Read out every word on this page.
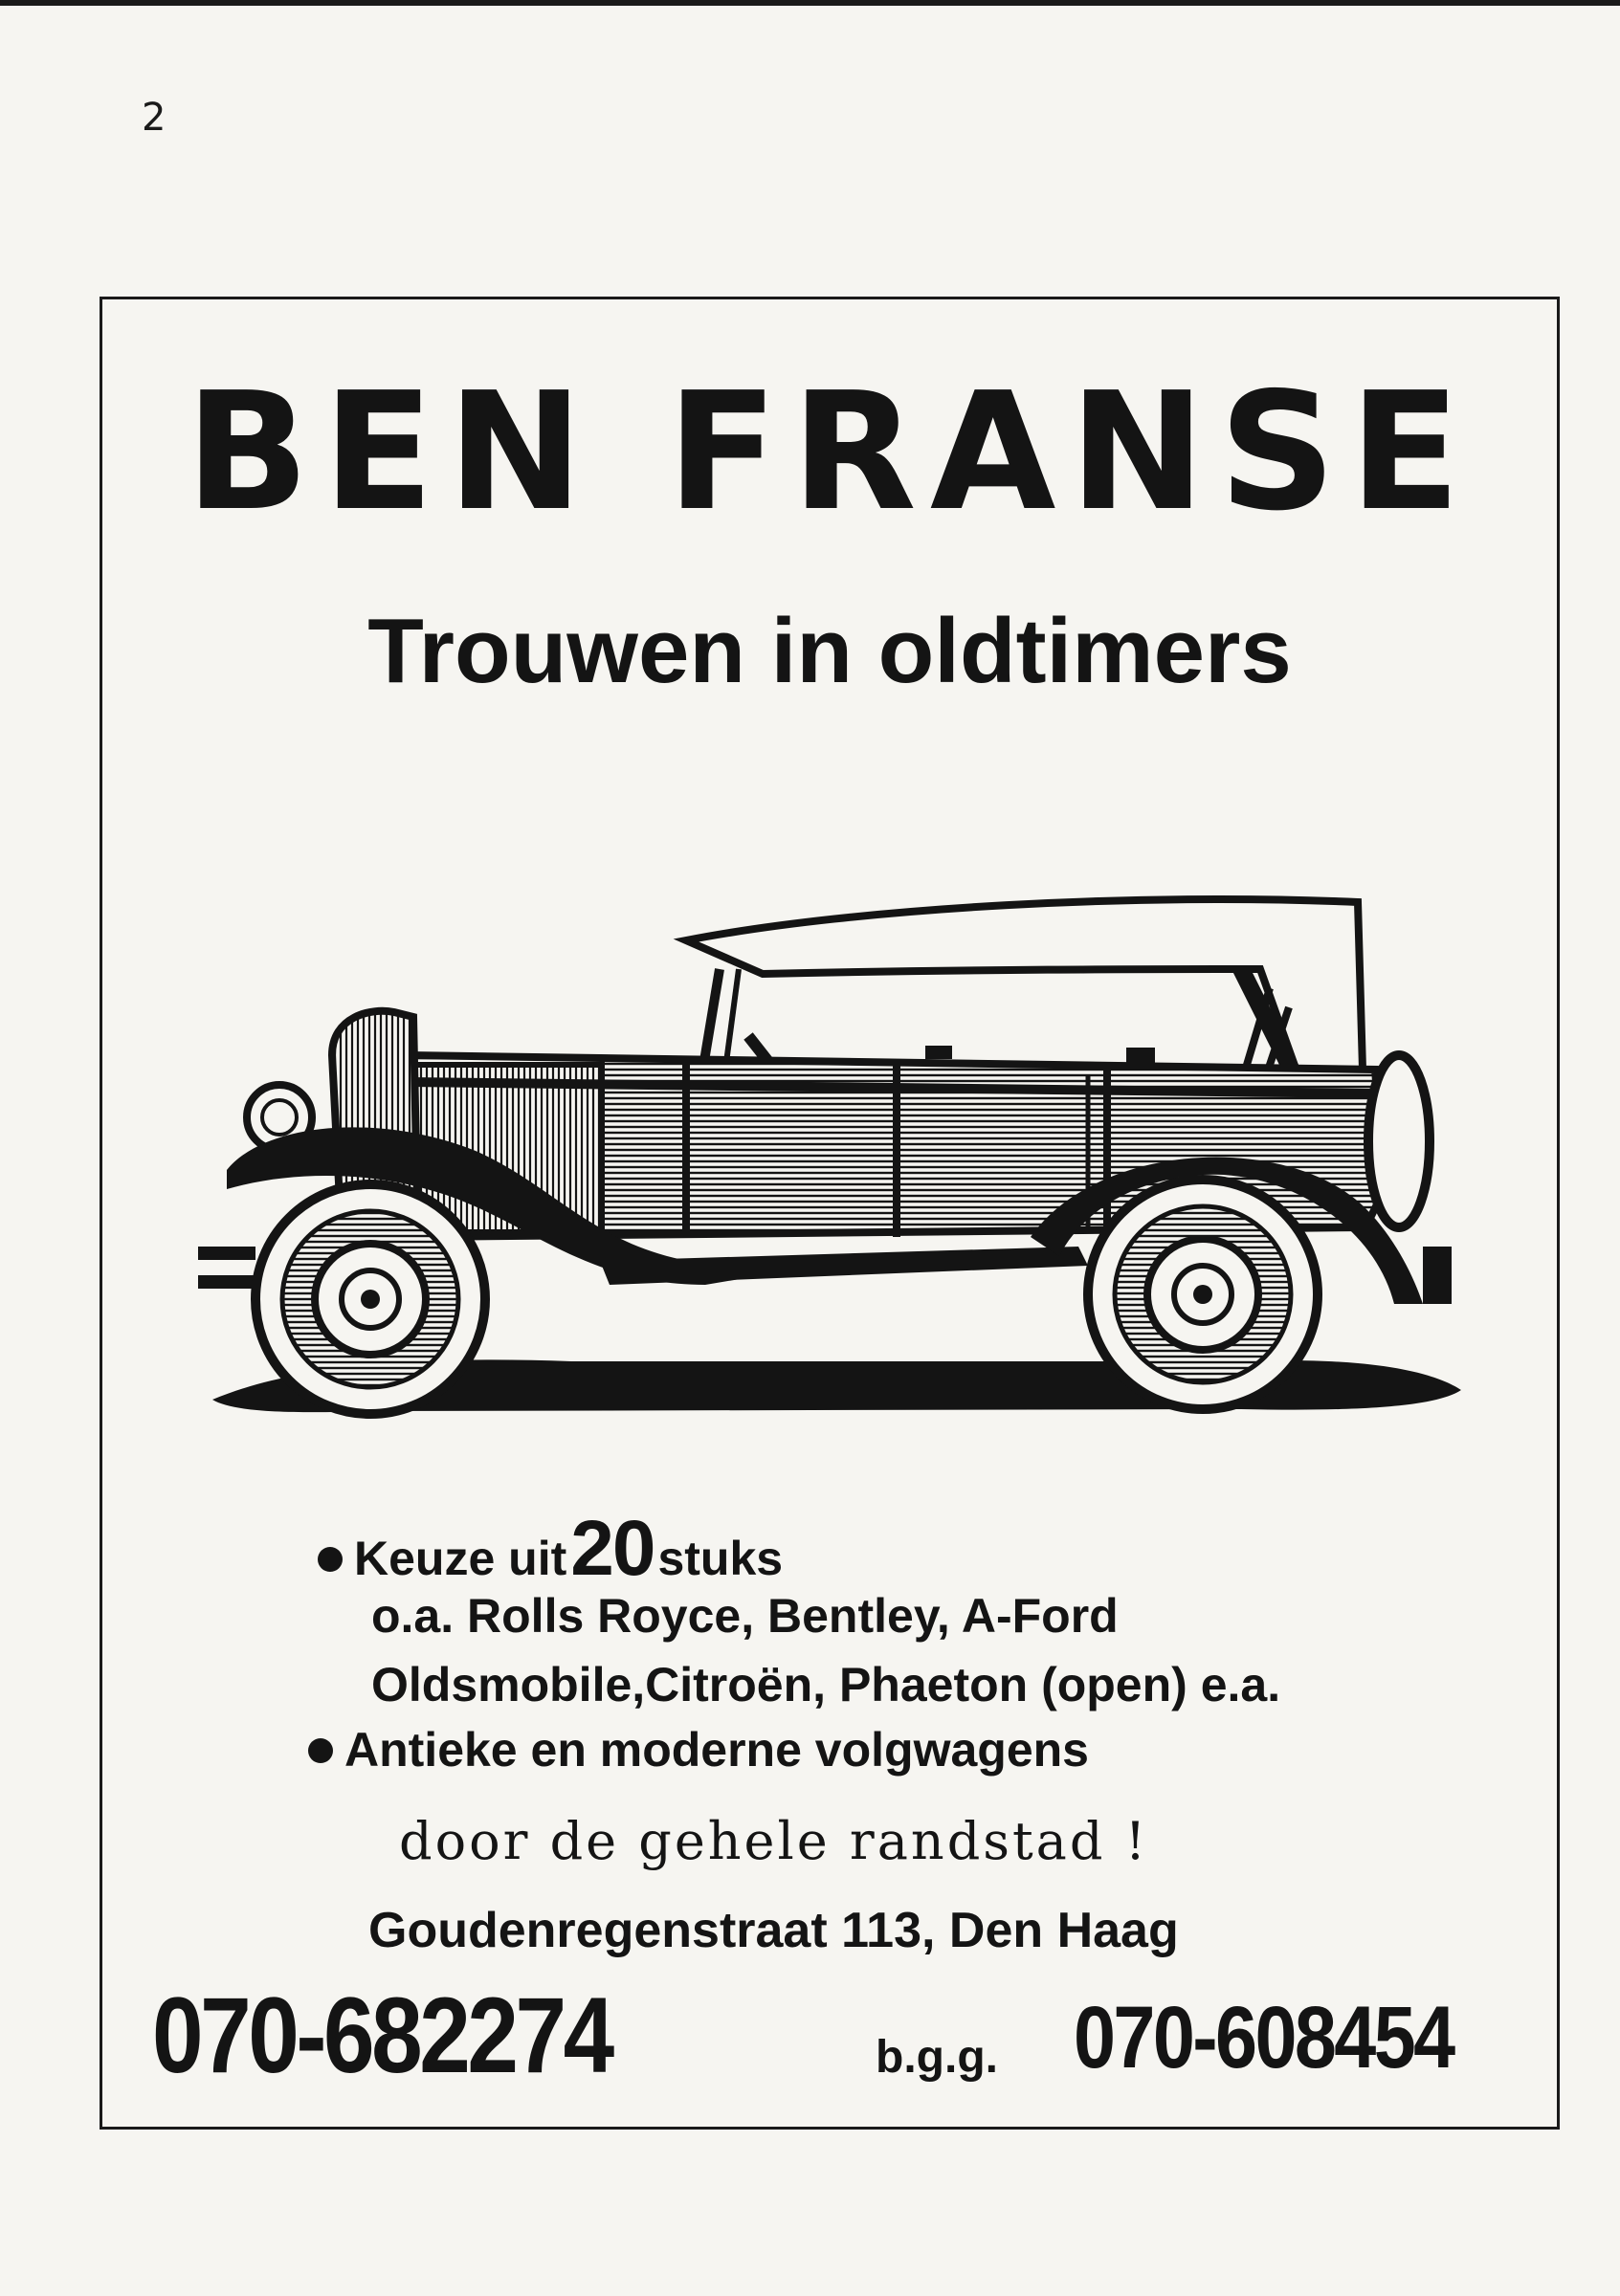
2
BEN FRANSE
Trouwen in oldtimers

Keuze uit20stuks

o.a. Rolls Royce, Bentley, A-Ford

Oldsmobile,Citroën, Phaeton (open) e.a.

Antieke en moderne volgwagens

door de gehele randstad !
Goudenregenstraat 113, Den Haag
070-682274	b.g.g. 070-608454
